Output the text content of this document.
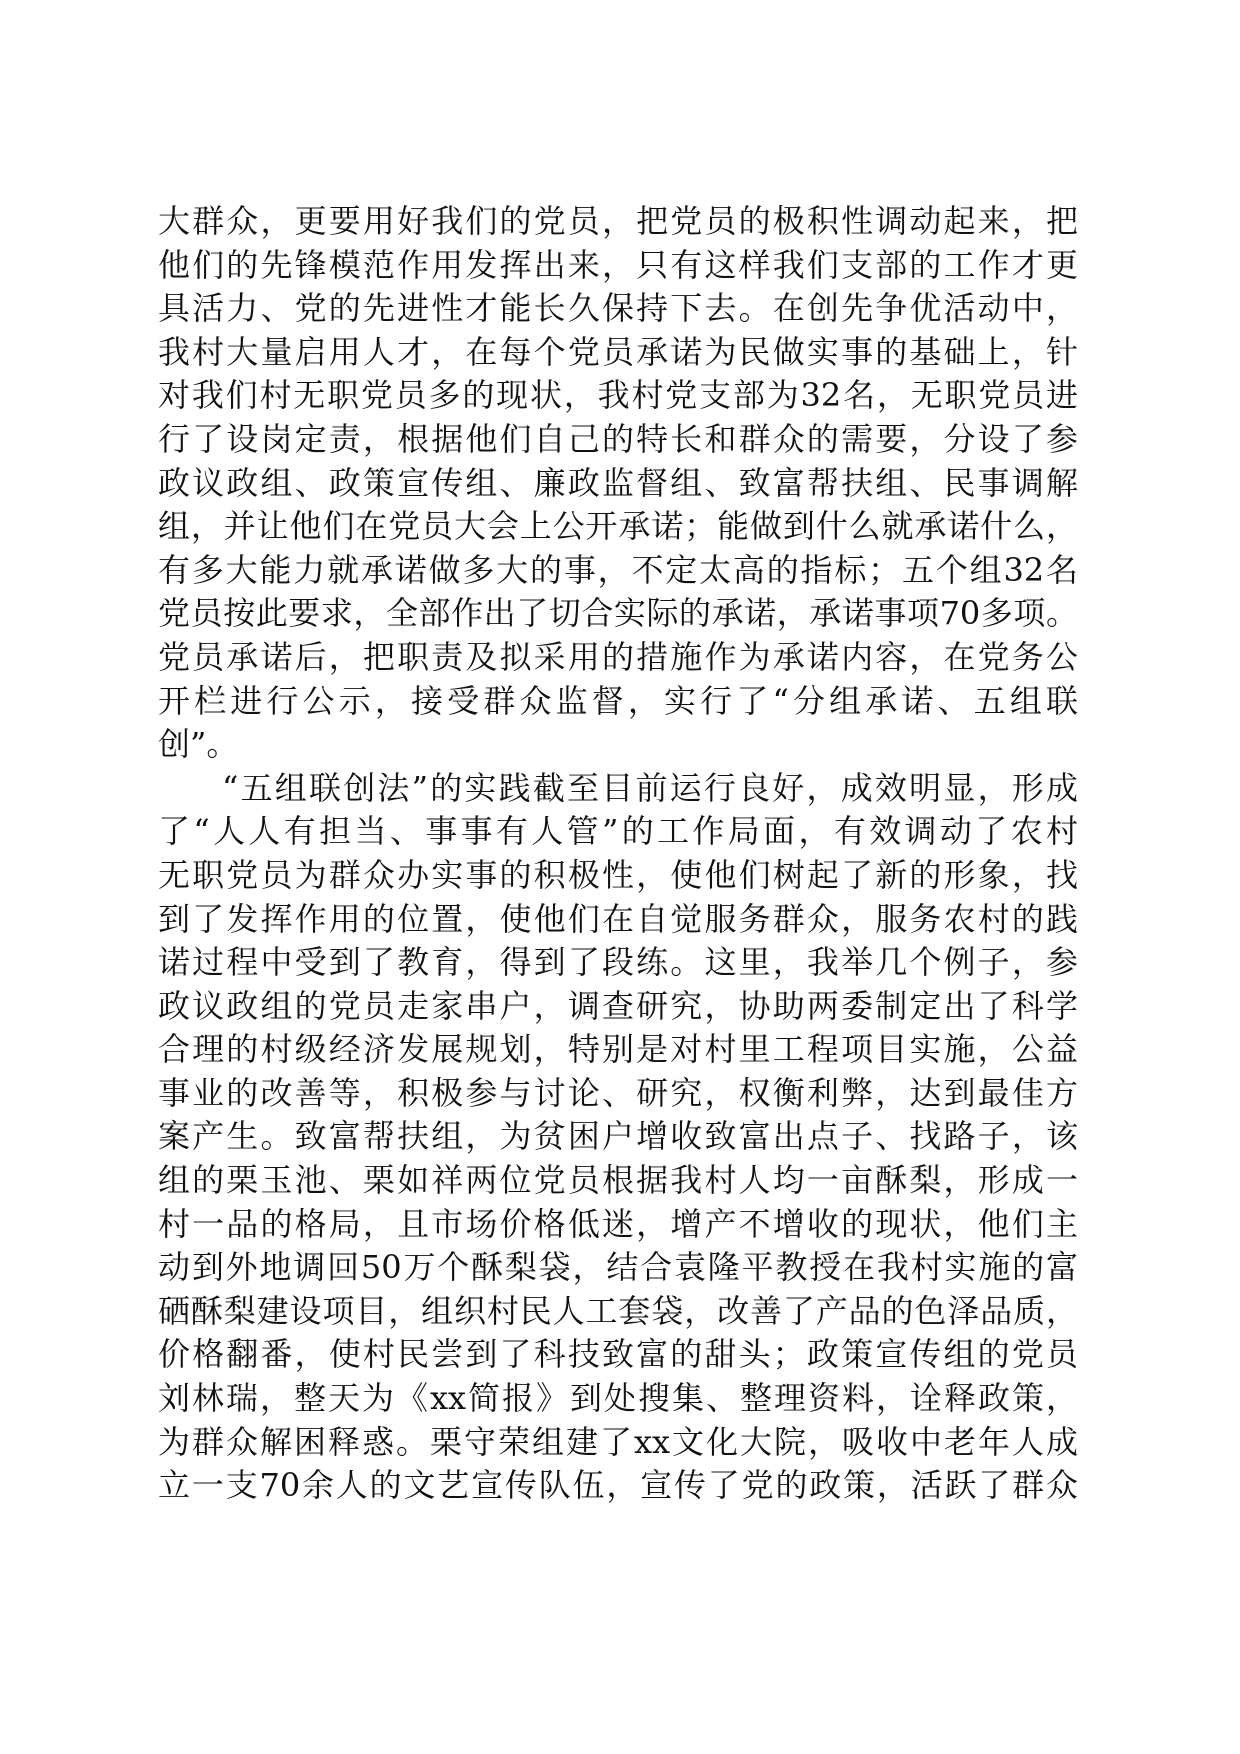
大群众，更要用好我们的党员，把党员的极积性调动起来，把
他们的先锋模范作用发挥出来，只有这样我们支部的工作才更
具活力、党的先进性才能长久保持下去。在创先争优活动中，
我村大量启用人才，在每个党员承诺为民做实事的基础上，针
对我们村无职党员多的现状，我村党支部为32名，无职党员进
行了设岗定责，根据他们自己的特长和群众的需要，分设了参
政议政组、政策宣传组、廉政监督组、致富帮扶组、民事调解
组，并让他们在党员大会上公开承诺；能做到什么就承诺什么，
有多大能力就承诺做多大的事，不定太高的指标；五个组32名
党员按此要求，全部作出了切合实际的承诺，承诺事项70多项。
党员承诺后，把职责及拟采用的措施作为承诺内容，在党务公
开栏进行公示，接受群众监督，实行了“分组承诺、五组联
创”。
“五组联创法”的实践截至目前运行良好，成效明显，形成
了“人人有担当、事事有人管”的工作局面，有效调动了农村
无职党员为群众办实事的积极性，使他们树起了新的形象，找
到了发挥作用的位置，使他们在自觉服务群众，服务农村的践
诺过程中受到了教育，得到了段练。这里，我举几个例子，参
政议政组的党员走家串户，调查研究，协助两委制定出了科学
合理的村级经济发展规划，特别是对村里工程项目实施，公益
事业的改善等，积极参与讨论、研究，权衡利弊，达到最佳方
案产生。致富帮扶组，为贫困户增收致富出点子、找路子，该
组的栗玉池、栗如祥两位党员根据我村人均一亩酥梨，形成一
村一品的格局，且市场价格低迷，增产不增收的现状，他们主
动到外地调回50万个酥梨袋，结合袁隆平教授在我村实施的富
硒酥梨建设项目，组织村民人工套袋，改善了产品的色泽品质，
价格翻番，使村民尝到了科技致富的甜头；政策宣传组的党员
刘林瑞，整天为《xx简报》到处搜集、整理资料，诠释政策，
为群众解困释惑。栗守荣组建了xx文化大院，吸收中老年人成
立一支70余人的文艺宣传队伍，宣传了党的政策，活跃了群众
